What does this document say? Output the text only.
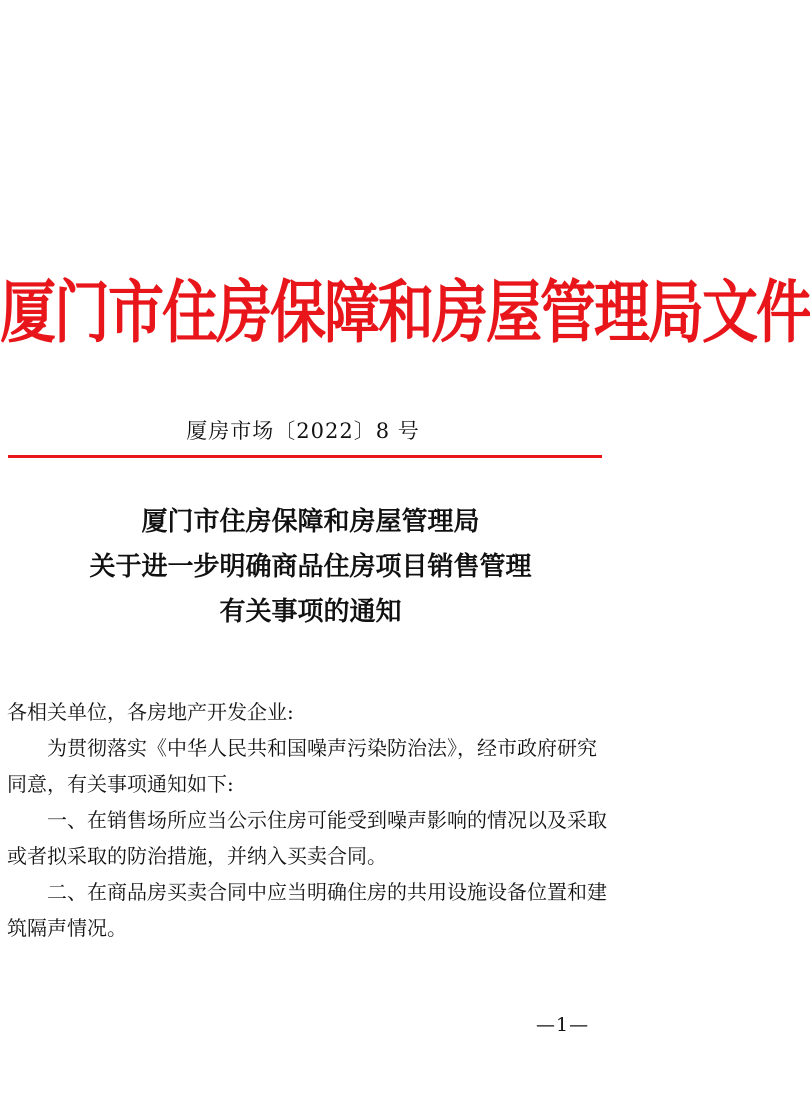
厦门市住房保障和房屋管理局文件
厦房市场〔2022〕8 号
厦门市住房保障和房屋管理局
关于进一步明确商品住房项目销售管理
有关事项的通知

各相关单位，各房地产开发企业:

为贯彻落实《中华人民共和国噪声污染防治法》，经市政府研究同意，有关事项通知如下:

一、在销售场所应当公示住房可能受到噪声影响的情况以及采取或者拟采取的防治措施，并纳入买卖合同。

二、在商品房买卖合同中应当明确住房的共用设施设备位置和建筑隔声情况。

—1—
